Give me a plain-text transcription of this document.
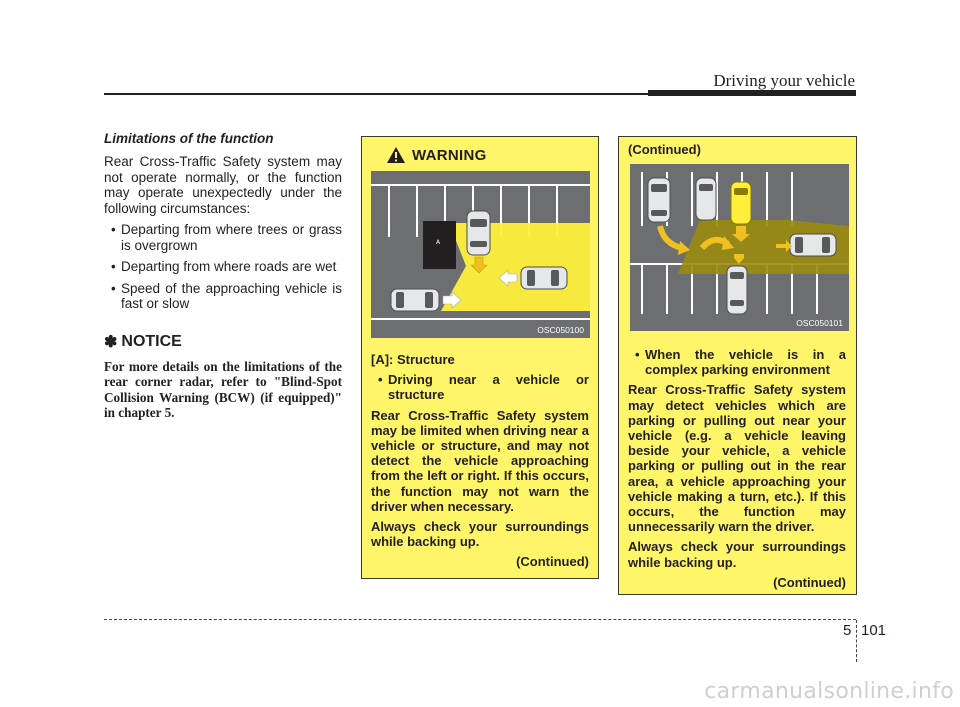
Driving your vehicle

Limitations of the function

Rear Cross-Traffic Safety system may not operate normally, or the function may operate unexpectedly under the following circumstances:

• Departing from where trees or grass is overgrown
• Departing from where roads are wet
• Speed of the approaching vehicle is fast or slow
✽ NOTICE

For more details on the limitations of the rear corner radar, refer to "Blind-Spot Collision Warning (BCW) (if equipped)" in chapter 5.

WARNING
A
OSC050100

[A]: Structure

• Driving near a vehicle or structure

Rear Cross-Traffic Safety system may be limited when driving near a vehicle or structure, and may not detect the vehicle approaching from the left or right. If this occurs, the function may not warn the driver when necessary.

Always check your surroundings while backing up.

(Continued)

(Continued)
OSC050101

• When the vehicle is in a complex parking environment

Rear Cross-Traffic Safety system may detect vehicles which are parking or pulling out near your vehicle (e.g. a vehicle leaving beside your vehicle, a vehicle parking or pulling out in the rear area, a vehicle approaching your vehicle making a turn, etc.). If this occurs, the function may unnecessarily warn the driver.

Always check your surroundings while backing up.

(Continued)

5 101
carmanualsonline.info
